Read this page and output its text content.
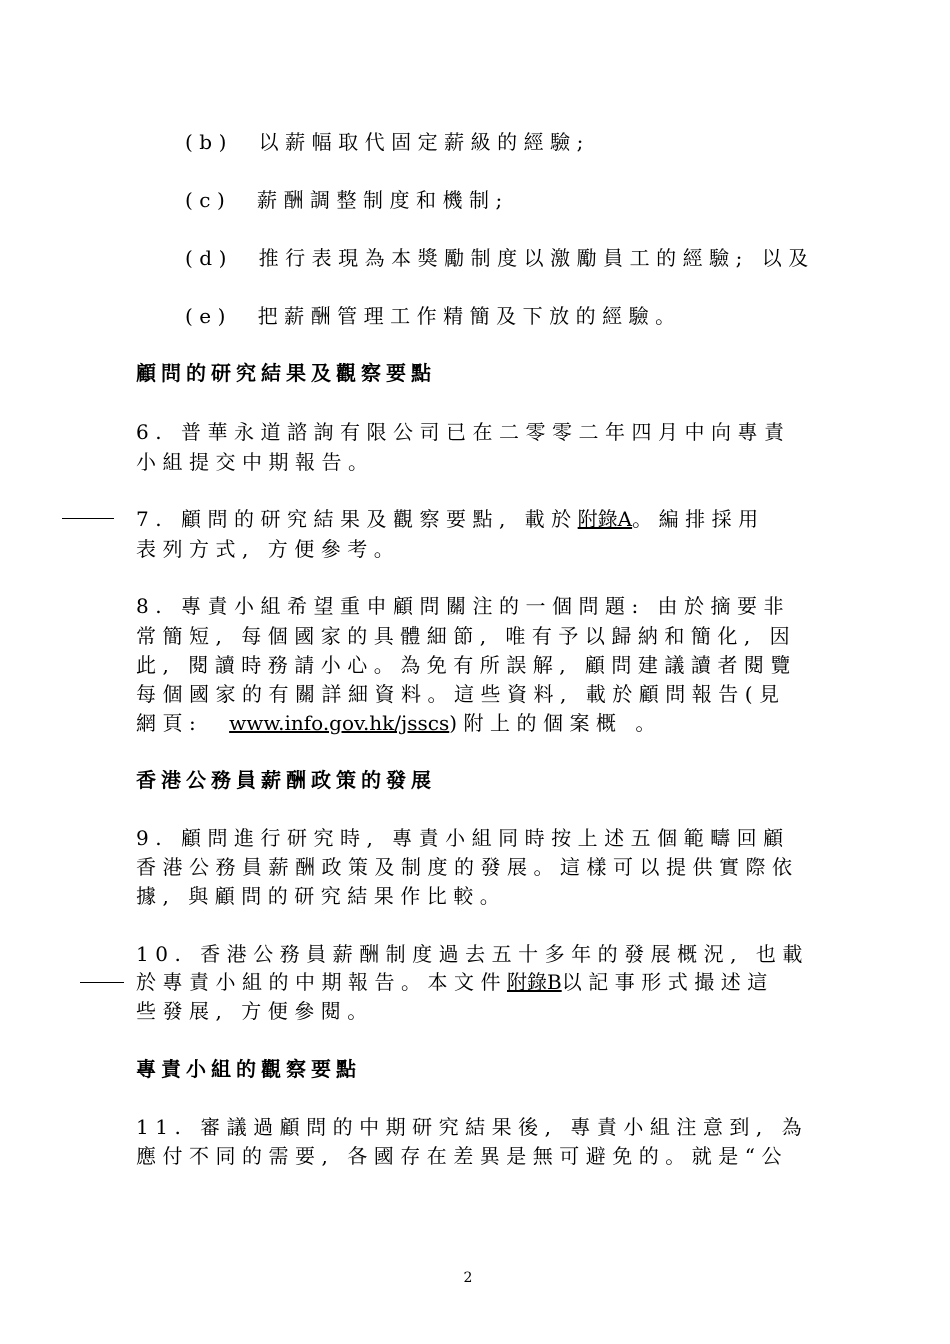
(b) 以薪幅取代固定薪級的經驗;
(c) 薪酬調整制度和機制;
(d) 推行表現為本獎勵制度以激勵員工的經驗; 以及
(e) 把薪酬管理工作精簡及下放的經驗。
顧問的研究結果及觀察要點
6. 普華永道諮詢有限公司已在二零零二年四月中向專責
小組提交中期報告。
7. 顧問的研究結果及觀察要點, 載於附錄A。編排採用
表列方式, 方便參考。
8. 專責小組希望重申顧問關注的一個問題: 由於摘要非
常簡短, 每個國家的具體細節, 唯有予以歸納和簡化, 因
此, 閱讀時務請小心。為免有所誤解, 顧問建議讀者閱覽
每個國家的有關詳細資料。這些資料, 載於顧問報告(見
網頁: www.info.gov.hk/jsscs)附上的個案概 。
香港公務員薪酬政策的發展
9. 顧問進行研究時, 專責小組同時按上述五個範疇回顧
香港公務員薪酬政策及制度的發展。這樣可以提供實際依
據, 與顧問的研究結果作比較。
10. 香港公務員薪酬制度過去五十多年的發展概況, 也載
於專責小組的中期報告。本文件附錄B以記事形式撮述這
些發展, 方便參閱。
專責小組的觀察要點
11. 審議過顧問的中期研究結果後, 專責小組注意到, 為
應付不同的需要, 各國存在差異是無可避免的。就是“公
2
